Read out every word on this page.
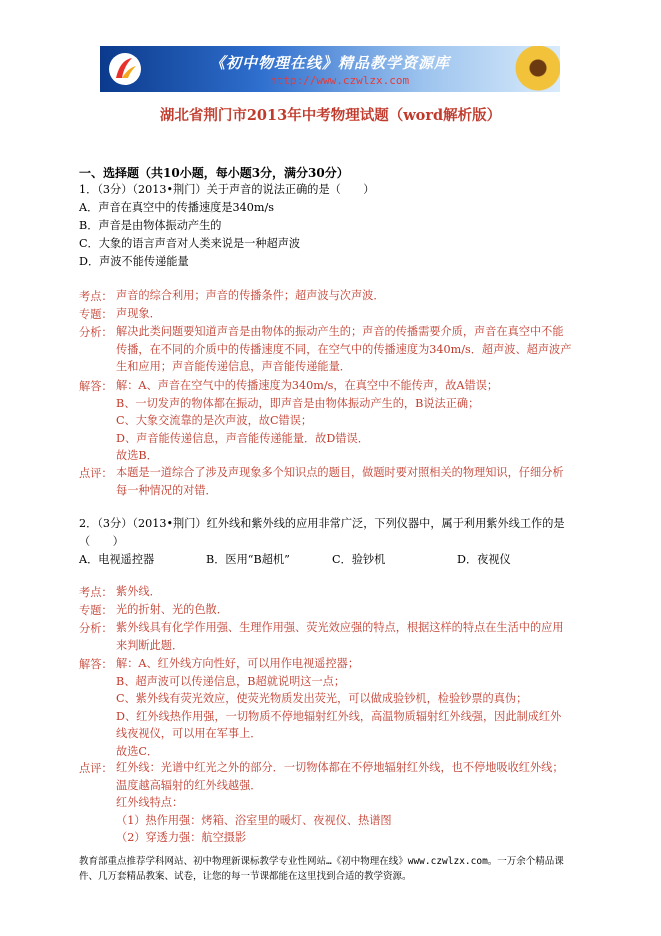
《初中物理在线》精品教学资源库
http://www.czwlzx.com
湖北省荆门市2013年中考物理试题（word解析版）
一、选择题（共10小题，每小题3分，满分30分）
1．（3分）（2013•荆门）关于声音的说法正确的是（　　）
A．声音在真空中的传播速度是340m/s
B．声音是由物体振动产生的
C．大象的语言声音对人类来说是一种超声波
D．声波不能传递能量
考点： 声音的综合利用；声音的传播条件；超声波与次声波．
专题： 声现象．
分析： 解决此类问题要知道声音是由物体的振动产生的；声音的传播需要介质，声音在真空中不能
传播，在不同的介质中的传播速度不同，在空气中的传播速度为340m/s．超声波、超声波产
生和应用；声音能传递信息，声音能传递能量．
解答： 解：A、声音在空气中的传播速度为340m/s，在真空中不能传声，故A错误；
B、一切发声的物体都在振动，即声音是由物体振动产生的，B说法正确；
C、大象交流靠的是次声波，故C错误；
D、声音能传递信息，声音能传递能量．故D错误．
故选B．
点评： 本题是一道综合了涉及声现象多个知识点的题目，做题时要对照相关的物理知识，仔细分析
每一种情况的对错．
2．（3分）（2013•荆门）红外线和紫外线的应用非常广泛，下列仪器中，属于利用紫外线工作的是
（　　）
A．电视遥控器	B．医用“B超机”	C．验钞机	D．夜视仪
考点： 紫外线．
专题： 光的折射、光的色散．
分析： 紫外线具有化学作用强、生理作用强、荧光效应强的特点，根据这样的特点在生活中的应用
来判断此题．
解答： 解：A、红外线方向性好，可以用作电视遥控器；
B、超声波可以传递信息，B超就说明这一点；
C、紫外线有荧光效应，使荧光物质发出荧光，可以做成验钞机，检验钞票的真伪；
D、红外线热作用强，一切物质不停地辐射红外线，高温物质辐射红外线强，因此制成红外
线夜视仪，可以用在军事上．
故选C．
点评： 红外线：光谱中红光之外的部分．一切物体都在不停地辐射红外线，也不停地吸收红外线；
温度越高辐射的红外线越强．
红外线特点：
（1）热作用强：烤箱、浴室里的暖灯、夜视仪、热谱图
（2）穿透力强：航空摄影
教育部重点推荐学科网站、初中物理新课标教学专业性网站…《初中物理在线》www.czwlzx.com。一万余个精品课
件、几万套精品教案、试卷，让您的每一节课都能在这里找到合适的教学资源。
